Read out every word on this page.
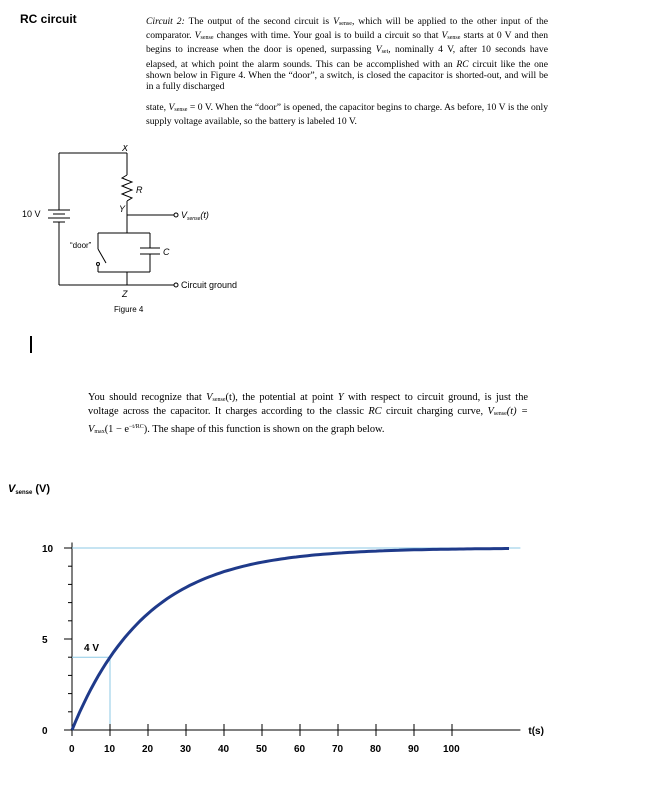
RC circuit	Circuit 2: The output of the second circuit is $V_{sense}$, which will be applied to the other input of the comparator. $V_{sense}$ changes with time. Your goal is to build a circuit so that $V_{sense}$ starts at 0 V and then begins to increase when the door is opened, surpassing $V_{set}$, nominally 4 V, after 10 seconds have elapsed, at which point the alarm sounds. This can be accomplished with an RC circuit like the one shown below in Figure 4. When the “door”, a switch, is closed the capacitor is shorted-out, and will be in a fully discharged
state, $V_{sense} = 0$ V. When the “door” is opened, the capacitor begins to charge. As before, 10 V is the only supply voltage available, so the battery is labeled 10 V.
10 V
X
R
Y
“door”
C
$V_{sense}(t)$
Circuit ground
Z
Figure 4
You should recognize that $V_{sense}(t)$, the potential at point Y with respect to circuit ground, is just the voltage across the capacitor. It charges according to the classic RC circuit charging curve, $V_{sense}(t) = V_{max}(1 - e^{-t/RC})$. The shape of this function is shown on the graph below.
Vsense (V)
4 V
0
5
10
0	10	20	30	40	50	60	70	80	90 100
t(s)
